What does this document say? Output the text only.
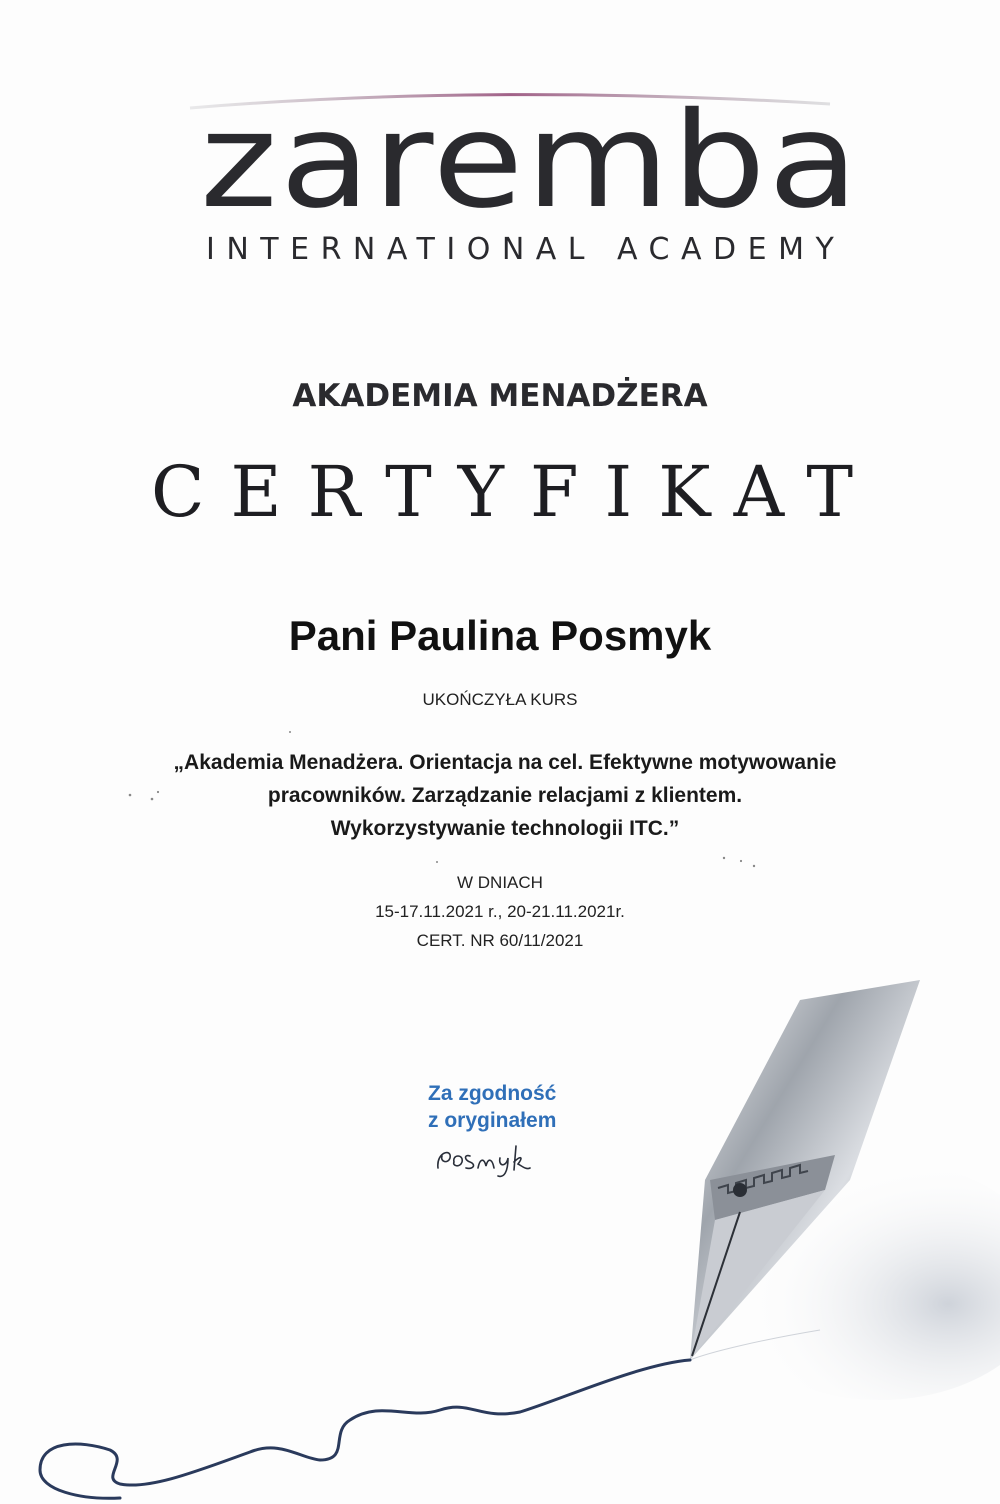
zaremba
INTERNATIONAL ACADEMY
AKADEMIA MENADŻERA
CERTYFIKAT
Pani Paulina Posmyk
UKOŃCZYŁA KURS
„Akademia Menadżera. Orientacja na cel. Efektywne motywowanie
pracowników. Zarządzanie relacjami z klientem.
Wykorzystywanie technologii ITC.”
W DNIACH
15-17.11.2021 r., 20-21.11.2021r.
CERT. NR 60/11/2021
Za zgodność
z oryginałem
